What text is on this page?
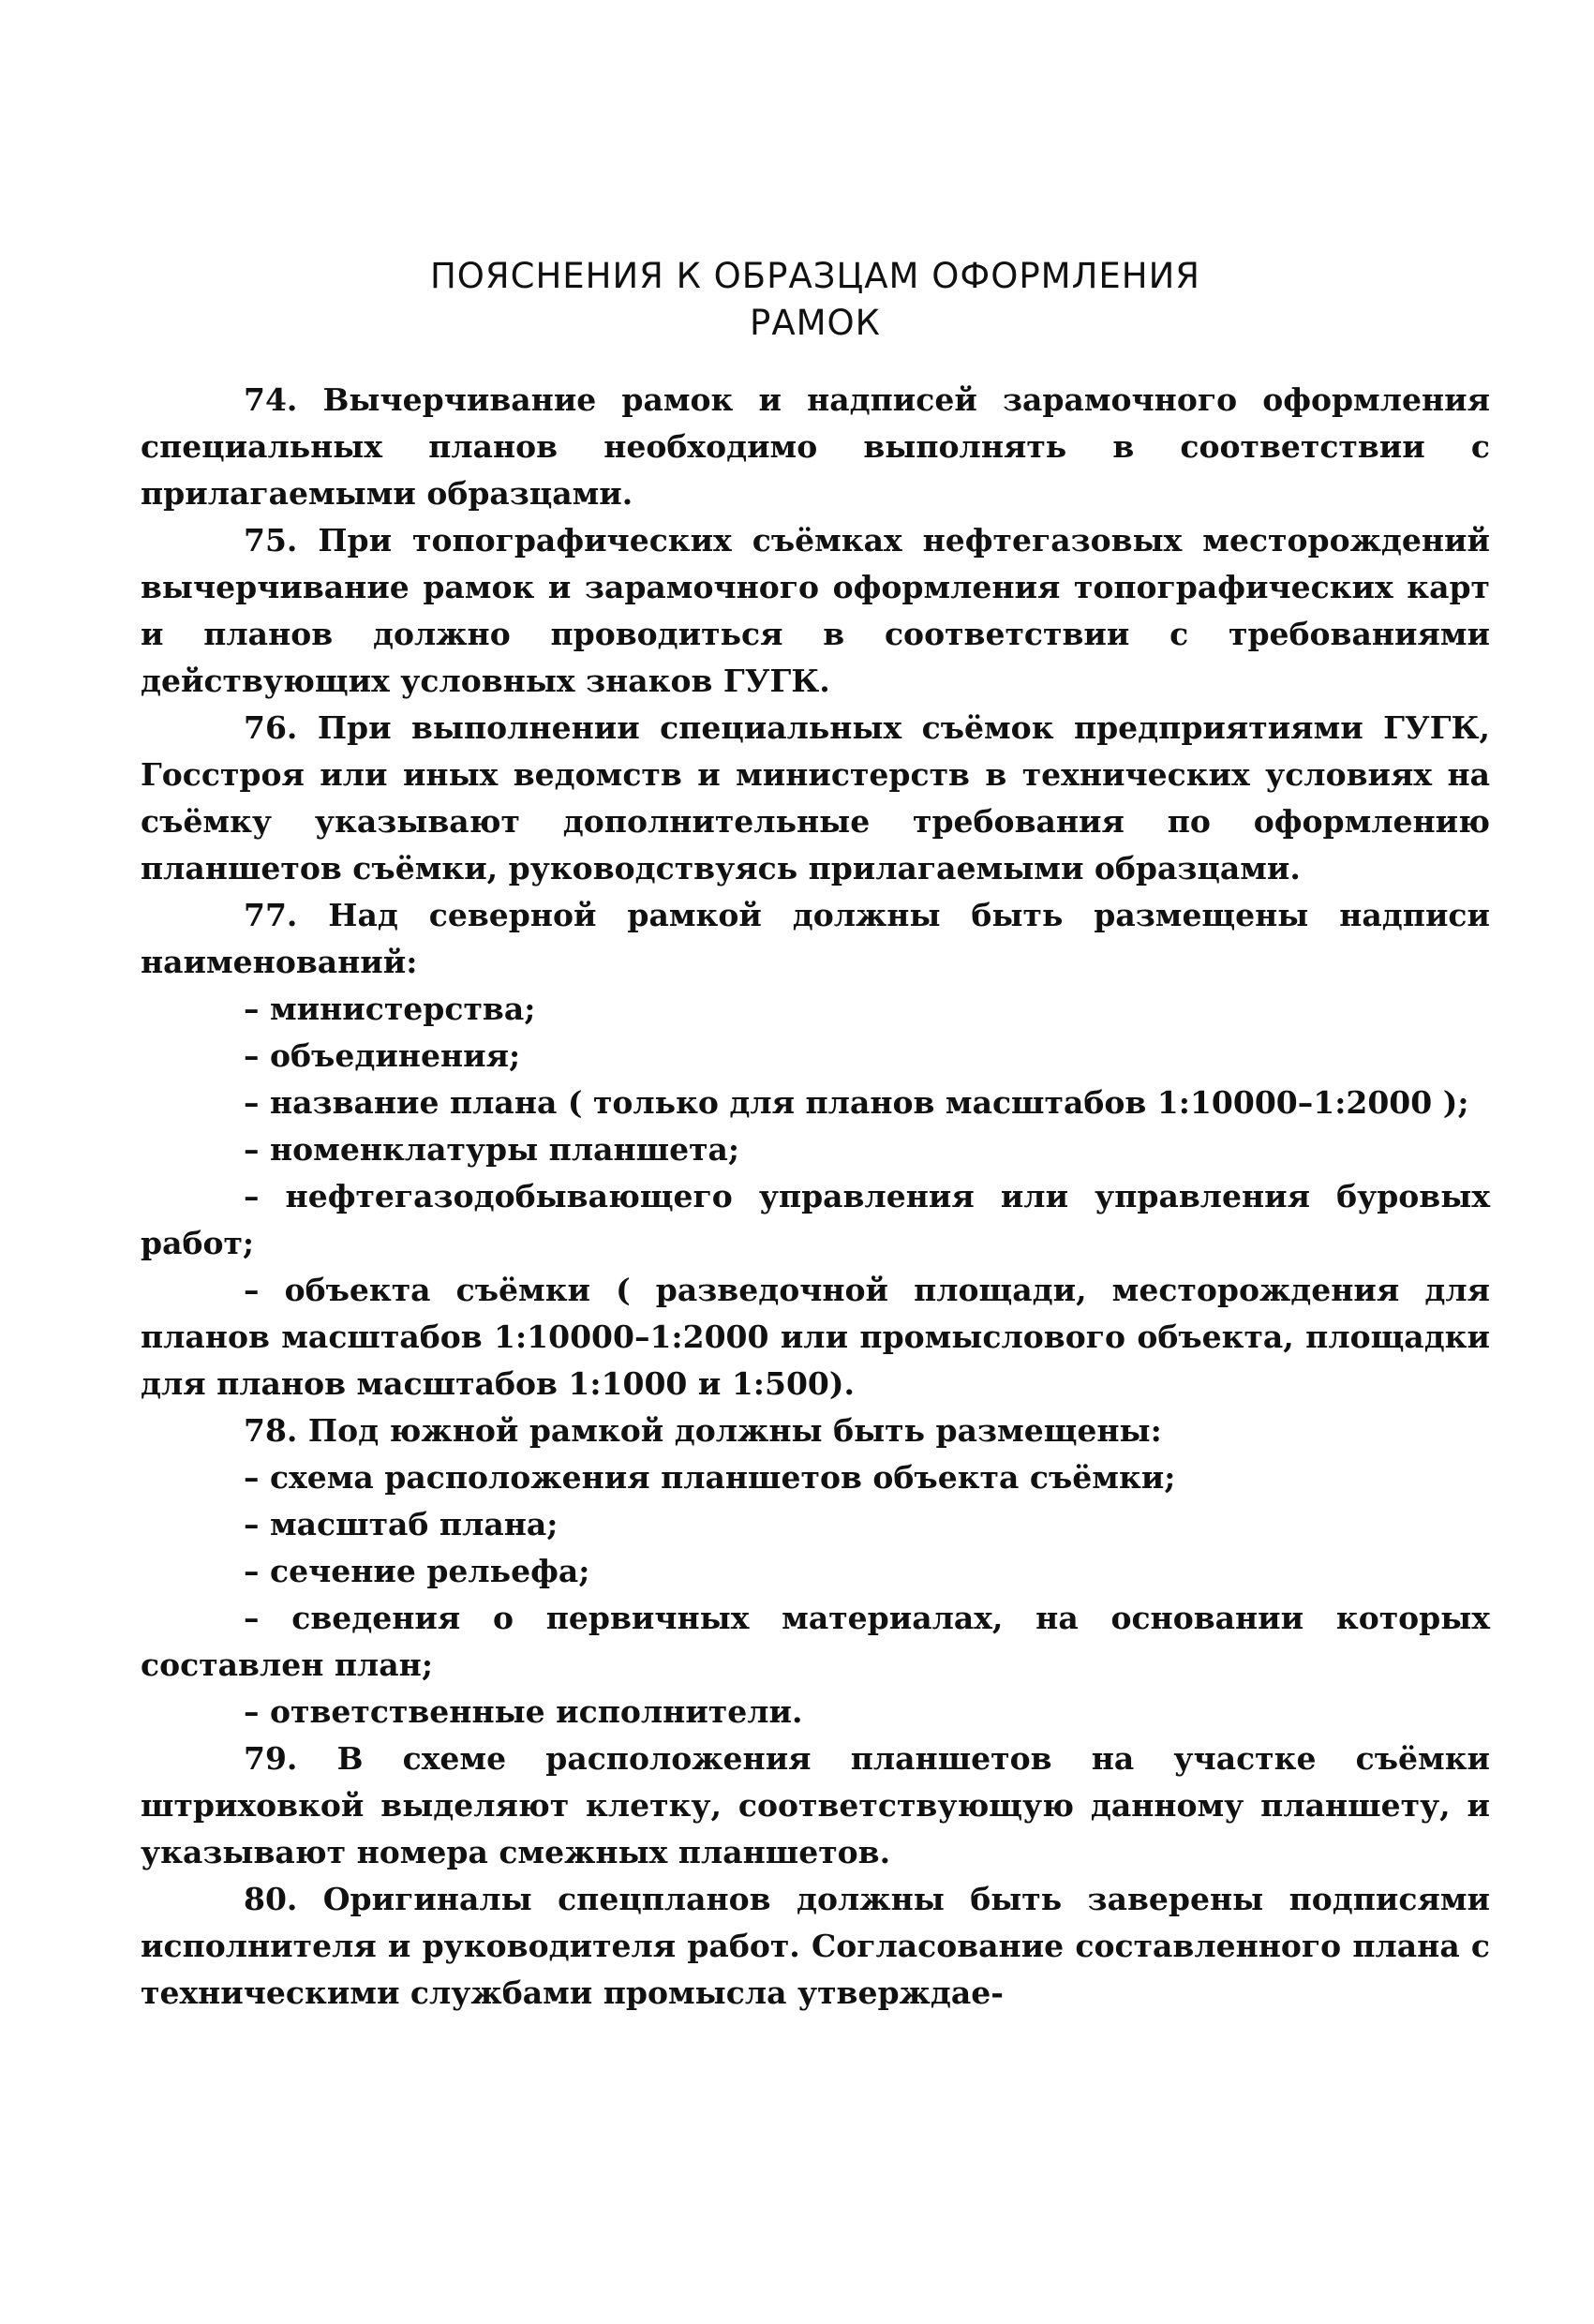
ПОЯСНЕНИЯ К ОБРАЗЦАМ ОФОРМЛЕНИЯ
РАМОК

74. Вычерчивание рамок и надписей зарамочного оформления специальных планов необходимо выполнять в соответствии с прилагаемыми образцами.

75. При топографических съёмках нефтегазовых месторождений вычерчивание рамок и зарамочного оформления топографических карт и планов должно проводиться в соответствии с требованиями действующих условных знаков ГУГК.

76. При выполнении специальных съёмок предприятиями ГУГК, Госстроя или иных ведомств и министерств в технических условиях на съёмку указывают дополнительные требования по оформлению планшетов съёмки, руководствуясь прилагаемыми образцами.

77. Над северной рамкой должны быть размещены надписи наименований:

– министерства;

– объединения;

– название плана ( только для планов масштабов 1:10000–1:2000 );

– номенклатуры планшета;

– нефтегазодобывающего управления или управления буровых работ;

– объекта съёмки ( разведочной площади, месторождения для планов масштабов 1:10000–1:2000 или промыслового объекта, площадки для планов масштабов 1:1000 и 1:500).

78. Под южной рамкой должны быть размещены:

– схема расположения планшетов объекта съёмки;

– масштаб плана;

– сечение рельефа;

– сведения о первичных материалах, на основании которых составлен план;

– ответственные исполнители.

79. В схеме расположения планшетов на участке съёмки штриховкой выделяют клетку, соответствующую данному планшету, и указывают номера смежных планшетов.

80. Оригиналы спецпланов должны быть заверены подписями исполнителя и руководителя работ. Согласование составленного плана с техническими службами промысла утверждае-
